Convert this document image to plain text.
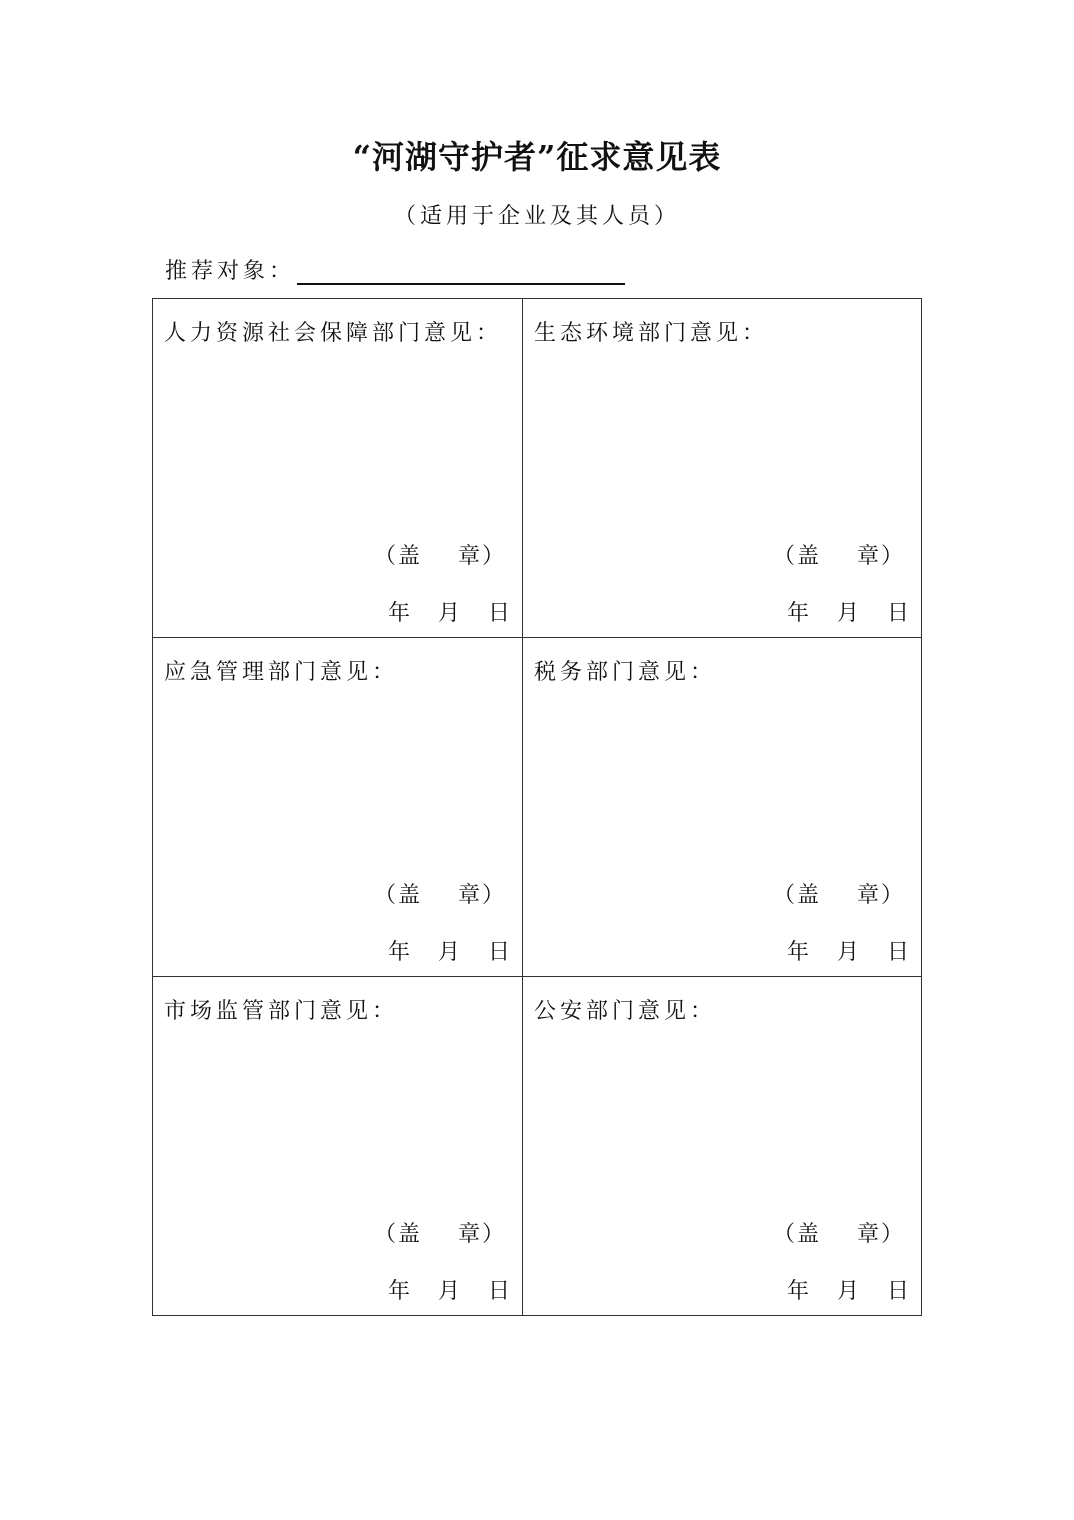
“河湖守护者”征求意见表
（适用于企业及其人员）
推荐对象：
人力资源社会保障部门意见：
（盖    章）
年    月    日
生态环境部门意见：
（盖    章）
年    月    日
应急管理部门意见：
（盖    章）
年    月    日
税务部门意见：
（盖    章）
年    月    日
市场监管部门意见：
（盖    章）
年    月    日
公安部门意见：
（盖    章）
年    月    日
